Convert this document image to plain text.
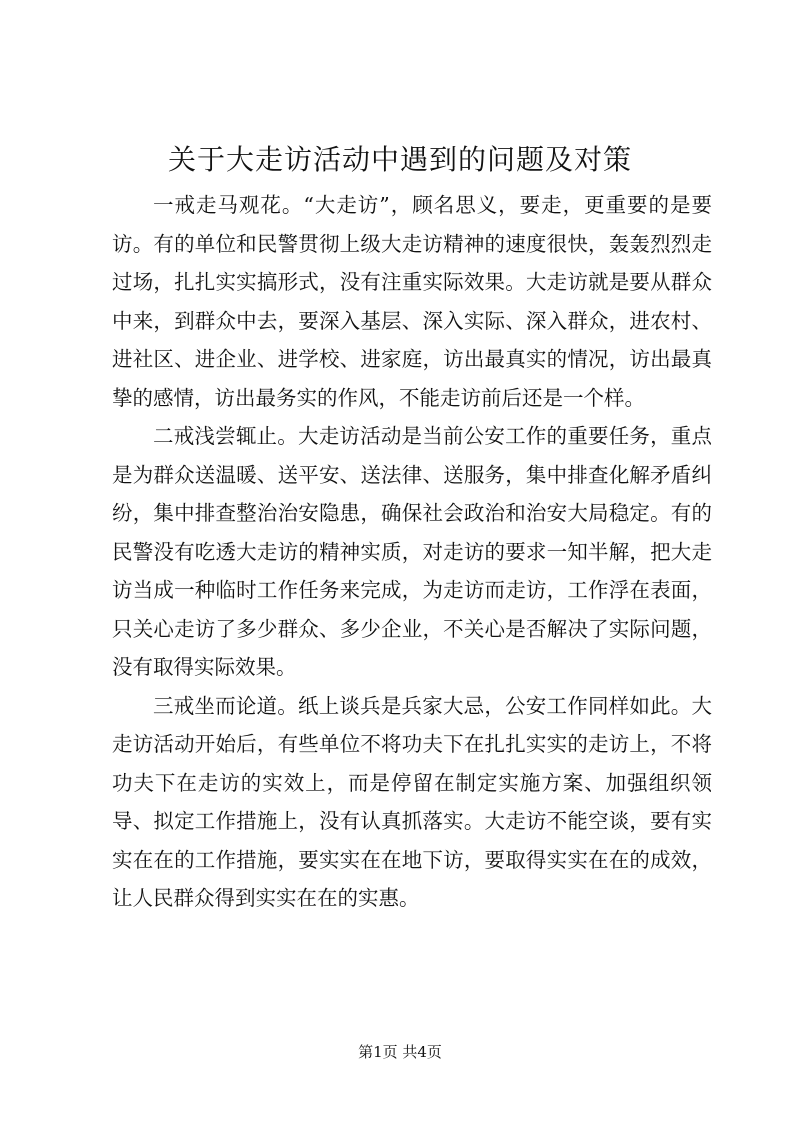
关于大走访活动中遇到的问题及对策

一戒走马观花。“大走访”，顾名思义，要走，更重要的是要访。有的单位和民警贯彻上级大走访精神的速度很快，轰轰烈烈走过场，扎扎实实搞形式，没有注重实际效果。大走访就是要从群众中来，到群众中去，要深入基层、深入实际、深入群众，进农村、进社区、进企业、进学校、进家庭，访出最真实的情况，访出最真挚的感情，访出最务实的作风，不能走访前后还是一个样。

二戒浅尝辄止。大走访活动是当前公安工作的重要任务，重点是为群众送温暖、送平安、送法律、送服务，集中排查化解矛盾纠纷，集中排查整治治安隐患，确保社会政治和治安大局稳定。有的民警没有吃透大走访的精神实质，对走访的要求一知半解，把大走访当成一种临时工作任务来完成，为走访而走访，工作浮在表面，只关心走访了多少群众、多少企业，不关心是否解决了实际问题，没有取得实际效果。

三戒坐而论道。纸上谈兵是兵家大忌，公安工作同样如此。大走访活动开始后，有些单位不将功夫下在扎扎实实的走访上，不将功夫下在走访的实效上，而是停留在制定实施方案、加强组织领导、拟定工作措施上，没有认真抓落实。大走访不能空谈，要有实实在在的工作措施，要实实在在地下访，要取得实实在在的成效，让人民群众得到实实在在的实惠。

第1页 共4页
